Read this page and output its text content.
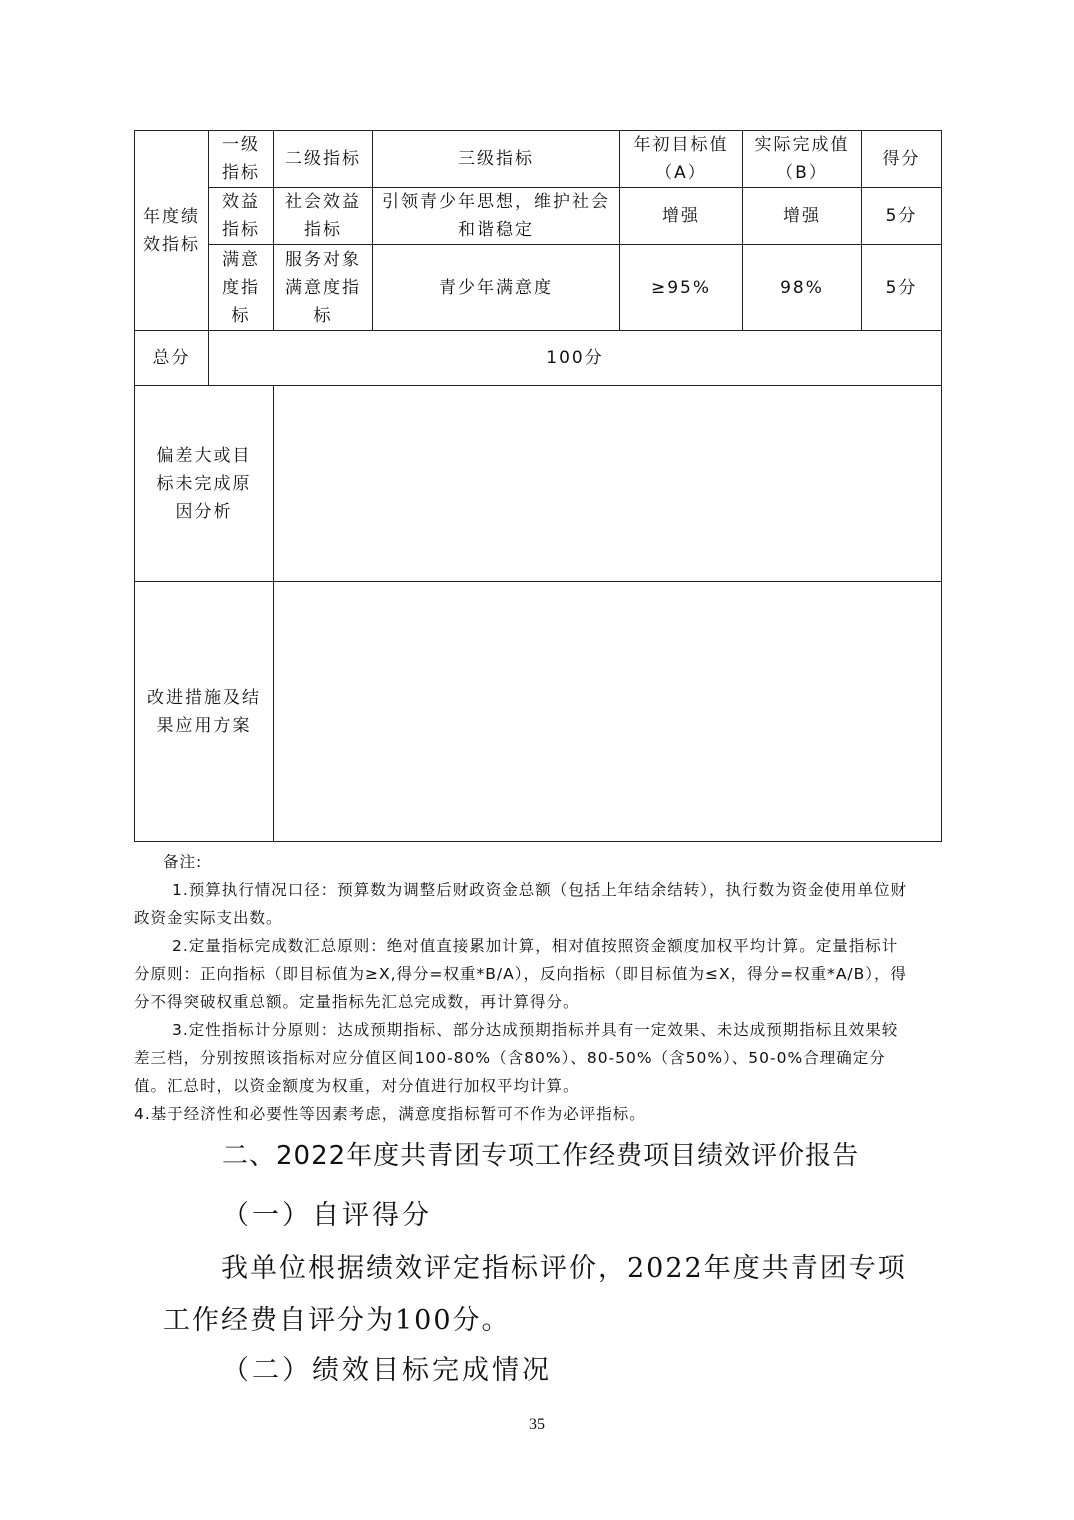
年度绩效指标	一级指标	二级指标	三级指标	年初目标值（A）	实际完成值（B）	得分
	效益指标	社会效益指标	引领青少年思想，维护社会和谐稳定	增强	增强	5分
	满意度指标	服务对象满意度指标	青少年满意度	≥95%	98%	5分
总分	100分					
偏差大或目标未完成原因分析						
改进措施及结果应用方案						

备注:

1.预算执行情况口径：预算数为调整后财政资金总额（包括上年结余结转），执行数为资金使用单位财政资金实际支出数。

2.定量指标完成数汇总原则：绝对值直接累加计算，相对值按照资金额度加权平均计算。定量指标计分原则：正向指标（即目标值为≥X,得分=权重*B/A），反向指标（即目标值为≤X，得分=权重*A/B），得分不得突破权重总额。定量指标先汇总完成数，再计算得分。

3.定性指标计分原则：达成预期指标、部分达成预期指标并具有一定效果、未达成预期指标且效果较差三档，分别按照该指标对应分值区间100-80%（含80%）、80-50%（含50%）、50-0%合理确定分值。汇总时，以资金额度为权重，对分值进行加权平均计算。

4.基于经济性和必要性等因素考虑，满意度指标暂可不作为必评指标。

二、2022年度共青团专项工作经费项目绩效评价报告
（一）自评得分
我单位根据绩效评定指标评价，2022年度共青团专项工作经费自评分为100分。
（二）绩效目标完成情况
35
